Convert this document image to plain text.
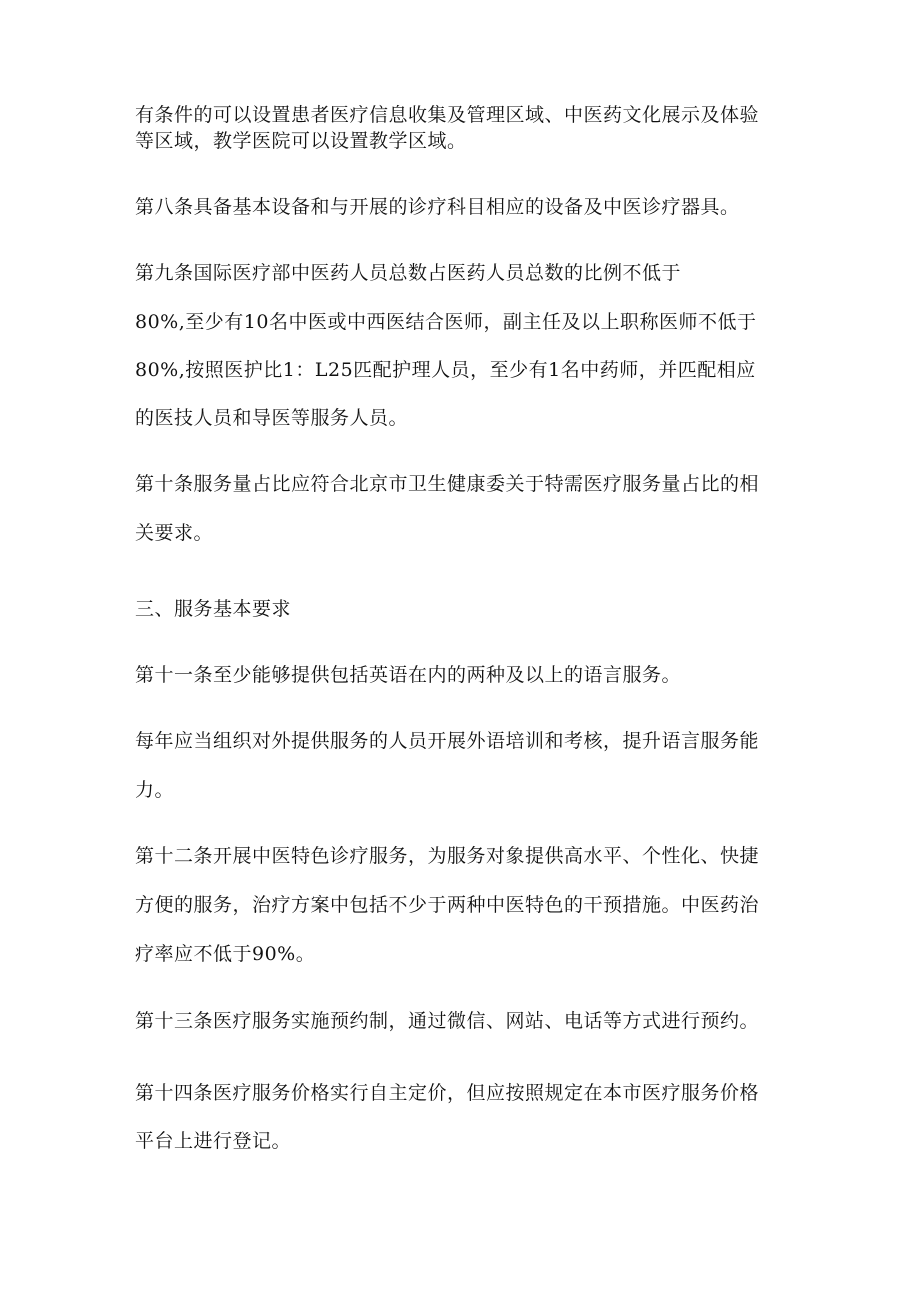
有条件的可以设置患者医疗信息收集及管理区域、中医药文化展示及体验
等区域，教学医院可以设置教学区域。
第八条具备基本设备和与开展的诊疗科目相应的设备及中医诊疗器具。
第九条国际医疗部中医药人员总数占医药人员总数的比例不低于
80%,至少有10名中医或中西医结合医师，副主任及以上职称医师不低于
80%,按照医护比1：L25匹配护理人员，至少有1名中药师，并匹配相应
的医技人员和导医等服务人员。
第十条服务量占比应符合北京市卫生健康委关于特需医疗服务量占比的相
关要求。
三、服务基本要求
第十一条至少能够提供包括英语在内的两种及以上的语言服务。
每年应当组织对外提供服务的人员开展外语培训和考核，提升语言服务能
力。
第十二条开展中医特色诊疗服务，为服务对象提供高水平、个性化、快捷
方便的服务，治疗方案中包括不少于两种中医特色的干预措施。中医药治
疗率应不低于90%。
第十三条医疗服务实施预约制，通过微信、网站、电话等方式进行预约。
第十四条医疗服务价格实行自主定价，但应按照规定在本市医疗服务价格
平台上进行登记。
